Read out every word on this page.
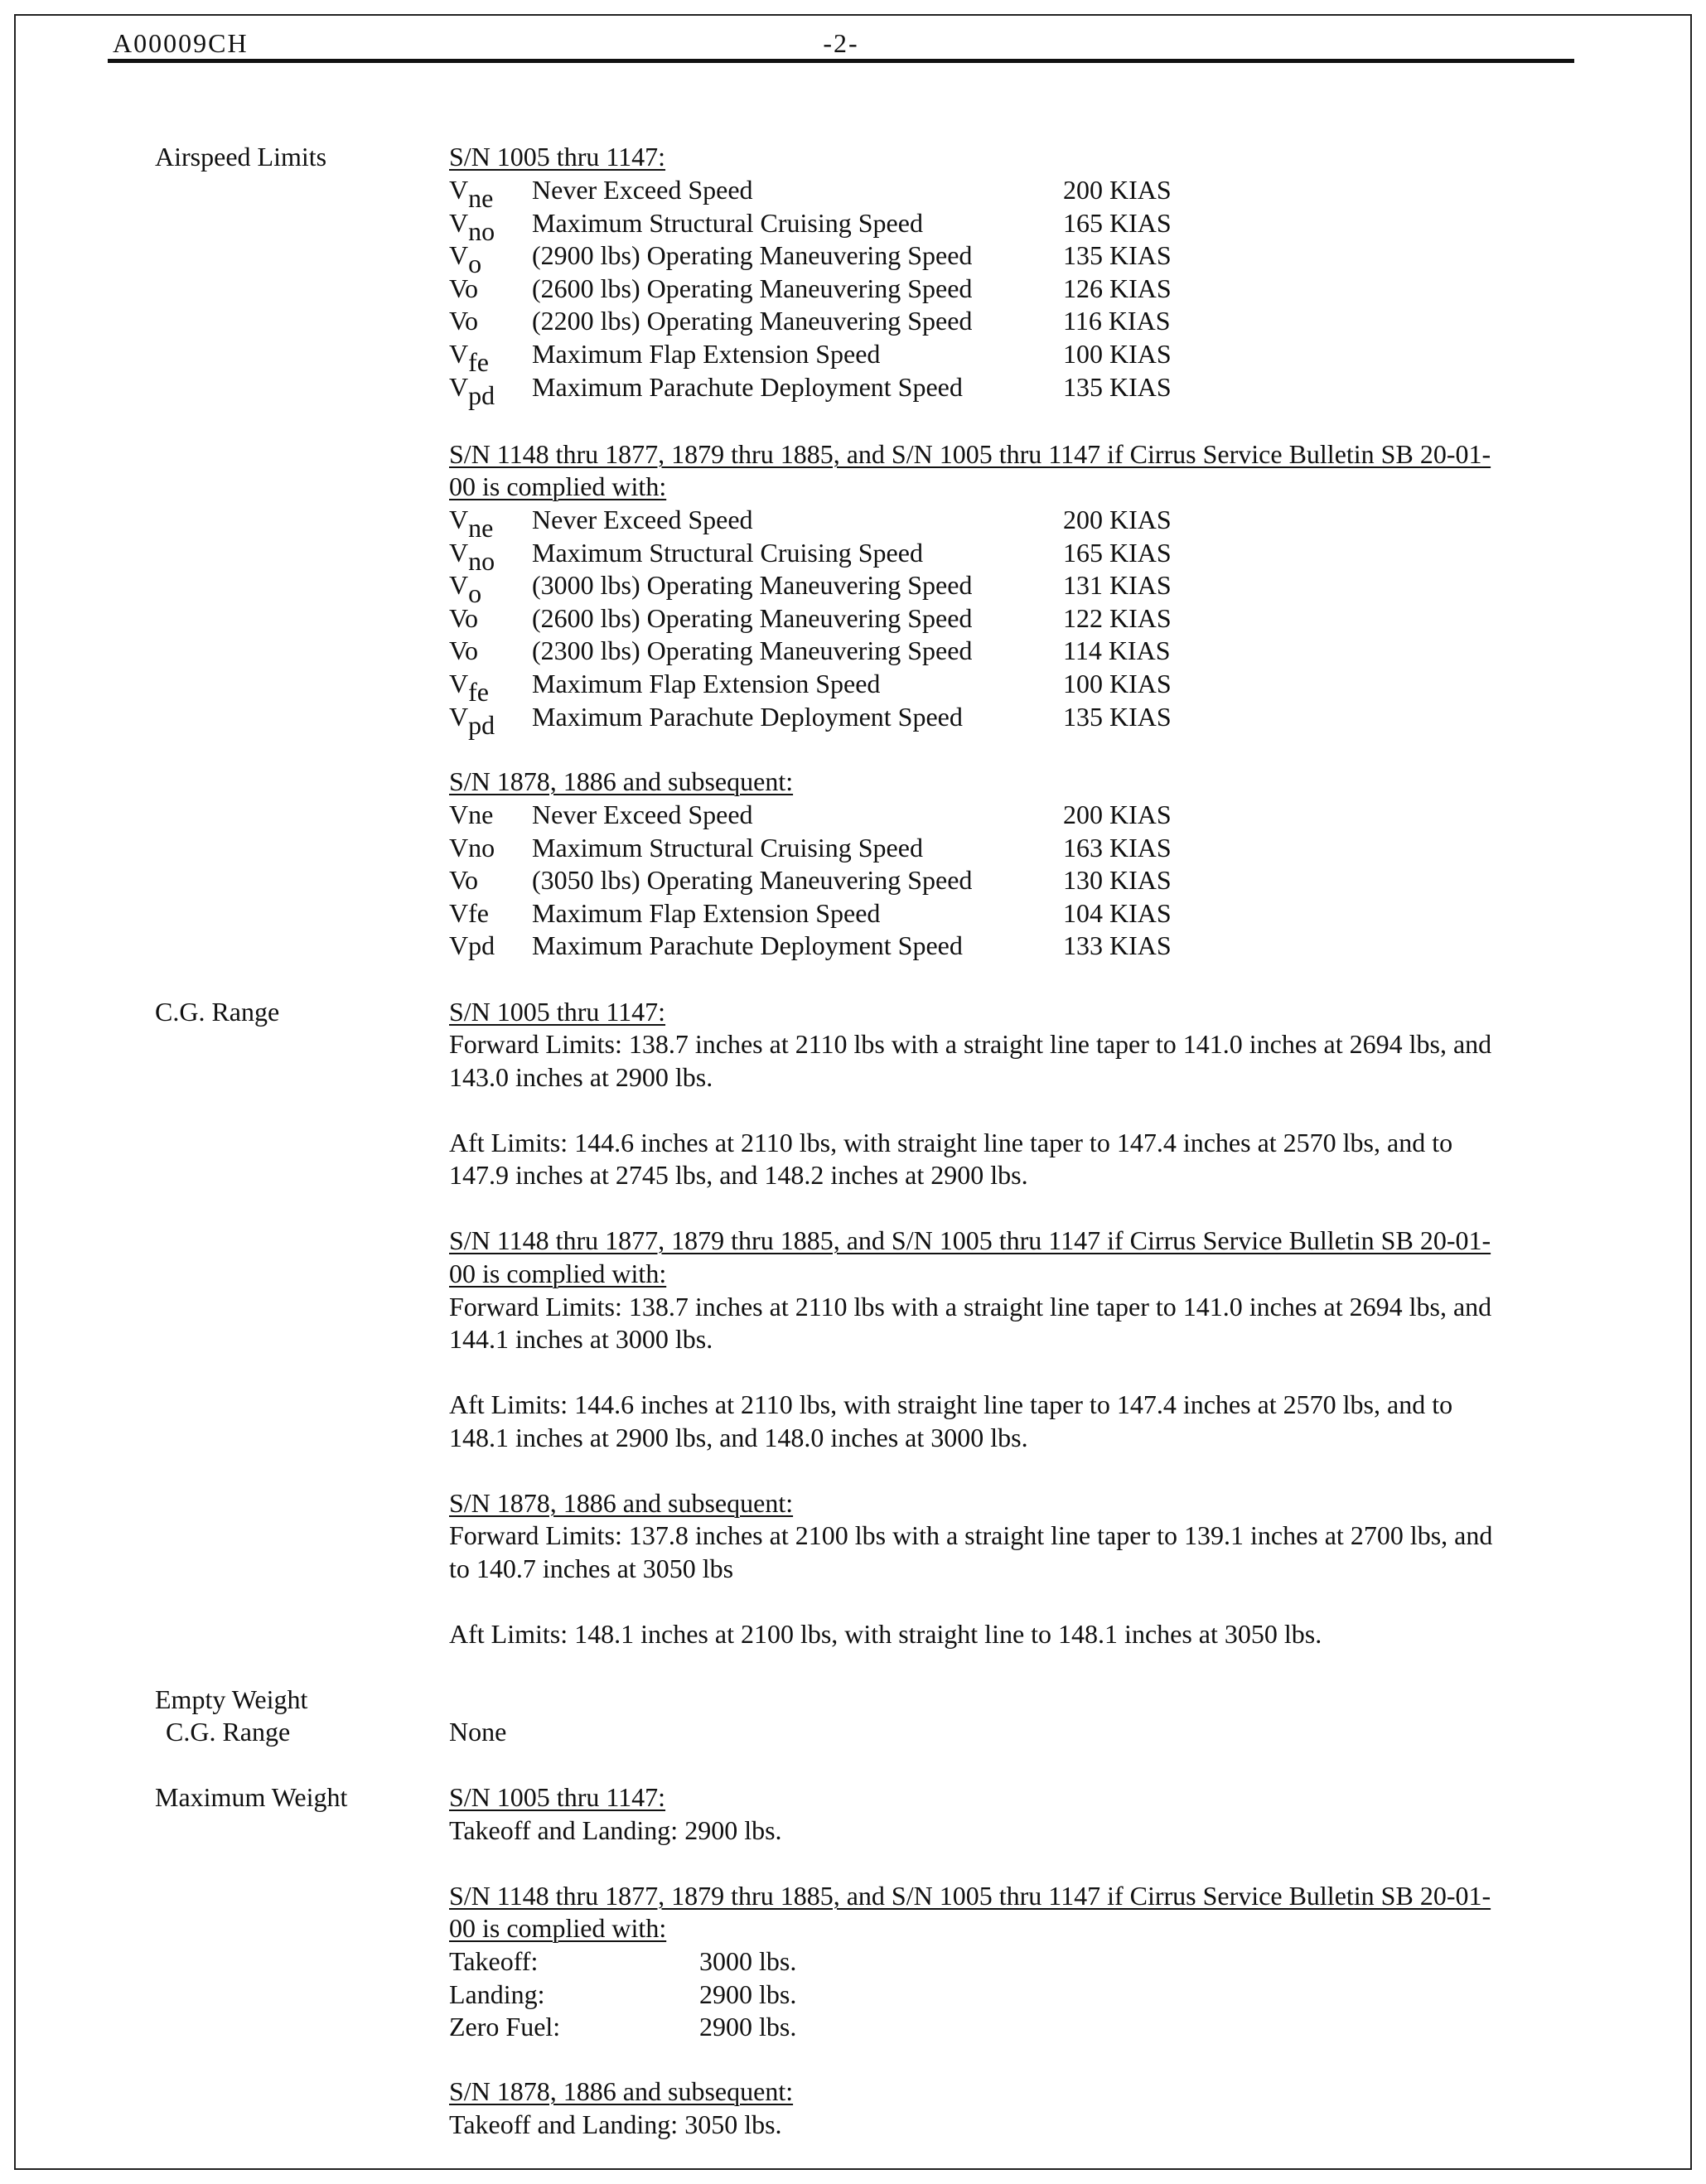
A00009CH	-2-
Airspeed Limits	S/N 1005 thru 1147:
$V_{ne}$ Never Exceed Speed	200 KIAS
$V_{no}$ Maximum Structural Cruising Speed	165 KIAS
$V_o$ (2900 lbs) Operating Maneuvering Speed	135 KIAS
Vo (2600 lbs) Operating Maneuvering Speed	126 KIAS
Vo (2200 lbs) Operating Maneuvering Speed	116 KIAS
$V_{fe}$ Maximum Flap Extension Speed	100 KIAS
$V_{pd}$ Maximum Parachute Deployment Speed	135 KIAS
S/N 1148 thru 1877, 1879 thru 1885, and S/N 1005 thru 1147 if Cirrus Service Bulletin SB 20-01-
00 is complied with:
$V_{ne}$ Never Exceed Speed	200 KIAS
$V_{no}$ Maximum Structural Cruising Speed	165 KIAS
$V_o$ (3000 lbs) Operating Maneuvering Speed	131 KIAS
Vo (2600 lbs) Operating Maneuvering Speed	122 KIAS
Vo (2300 lbs) Operating Maneuvering Speed	114 KIAS
$V_{fe}$ Maximum Flap Extension Speed	100 KIAS
$V_{pd}$ Maximum Parachute Deployment Speed	135 KIAS
S/N 1878, 1886 and subsequent:
Vne Never Exceed Speed	200 KIAS
Vno Maximum Structural Cruising Speed	163 KIAS
Vo (3050 lbs) Operating Maneuvering Speed	130 KIAS
Vfe Maximum Flap Extension Speed	104 KIAS
Vpd Maximum Parachute Deployment Speed	133 KIAS
C.G. Range	S/N 1005 thru 1147:
Forward Limits: 138.7 inches at 2110 lbs with a straight line taper to 141.0 inches at 2694 lbs, and
143.0 inches at 2900 lbs.
Aft Limits: 144.6 inches at 2110 lbs, with straight line taper to 147.4 inches at 2570 lbs, and to
147.9 inches at 2745 lbs, and 148.2 inches at 2900 lbs.
S/N 1148 thru 1877, 1879 thru 1885, and S/N 1005 thru 1147 if Cirrus Service Bulletin SB 20-01-
00 is complied with:
Forward Limits: 138.7 inches at 2110 lbs with a straight line taper to 141.0 inches at 2694 lbs, and
144.1 inches at 3000 lbs.
Aft Limits: 144.6 inches at 2110 lbs, with straight line taper to 147.4 inches at 2570 lbs, and to
148.1 inches at 2900 lbs, and 148.0 inches at 3000 lbs.
S/N 1878, 1886 and subsequent:
Forward Limits: 137.8 inches at 2100 lbs with a straight line taper to 139.1 inches at 2700 lbs, and
to 140.7 inches at 3050 lbs
Aft Limits: 148.1 inches at 2100 lbs, with straight line to 148.1 inches at 3050 lbs.
Empty Weight
C.G. Range	None
Maximum Weight	S/N 1005 thru 1147:
Takeoff and Landing: 2900 lbs.
S/N 1148 thru 1877, 1879 thru 1885, and S/N 1005 thru 1147 if Cirrus Service Bulletin SB 20-01-
00 is complied with:
Takeoff:	3000 lbs.
Landing:	2900 lbs.
Zero Fuel:	2900 lbs.
S/N 1878, 1886 and subsequent:
Takeoff and Landing: 3050 lbs.
